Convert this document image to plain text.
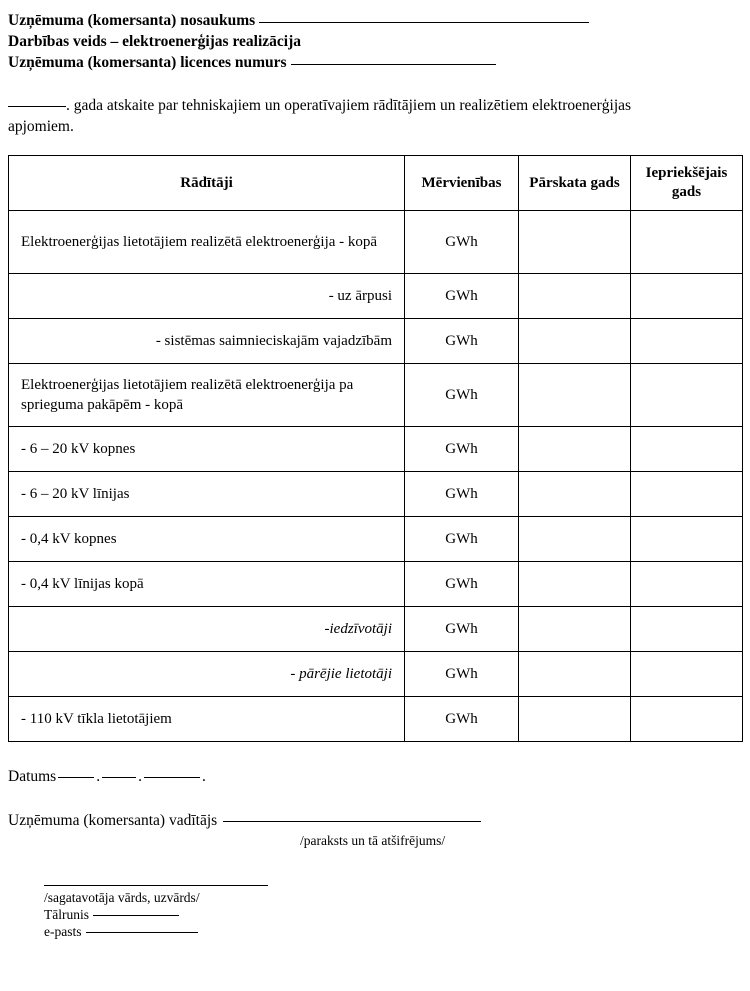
Uzņēmuma (komersanta) nosaukums
Darbības veids – elektroenerģijas realizācija
Uzņēmuma (komersanta) licences numurs
. gada atskaite par tehniskajiem un operatīvajiem rādītājiem un realizētiem elektroenerģijas apjomiem.
Rādītāji	Mērvienības	Pārskata gads	Iepriekšējais gads
Elektroenerģijas lietotājiem realizētā elektroenerģija - kopā	GWh		
- uz ārpusi	GWh		
- sistēmas saimnieciskajām vajadzībām	GWh		
Elektroenerģijas lietotājiem realizētā elektroenerģija pa sprieguma pakāpēm - kopā	GWh		
- 6 – 20 kV kopnes	GWh		
- 6 – 20 kV līnijas	GWh		
- 0,4 kV kopnes	GWh		
- 0,4 kV līnijas kopā	GWh		
-iedzīvotāji	GWh		
- pārējie lietotāji	GWh		
- 110 kV tīkla lietotājiem	GWh		
Datums	. .	.
Uzņēmuma (komersanta) vadītājs
/paraksts un tā atšifrējums/
/sagatavotāja vārds, uzvārds/
Tālrunis
e-pasts
